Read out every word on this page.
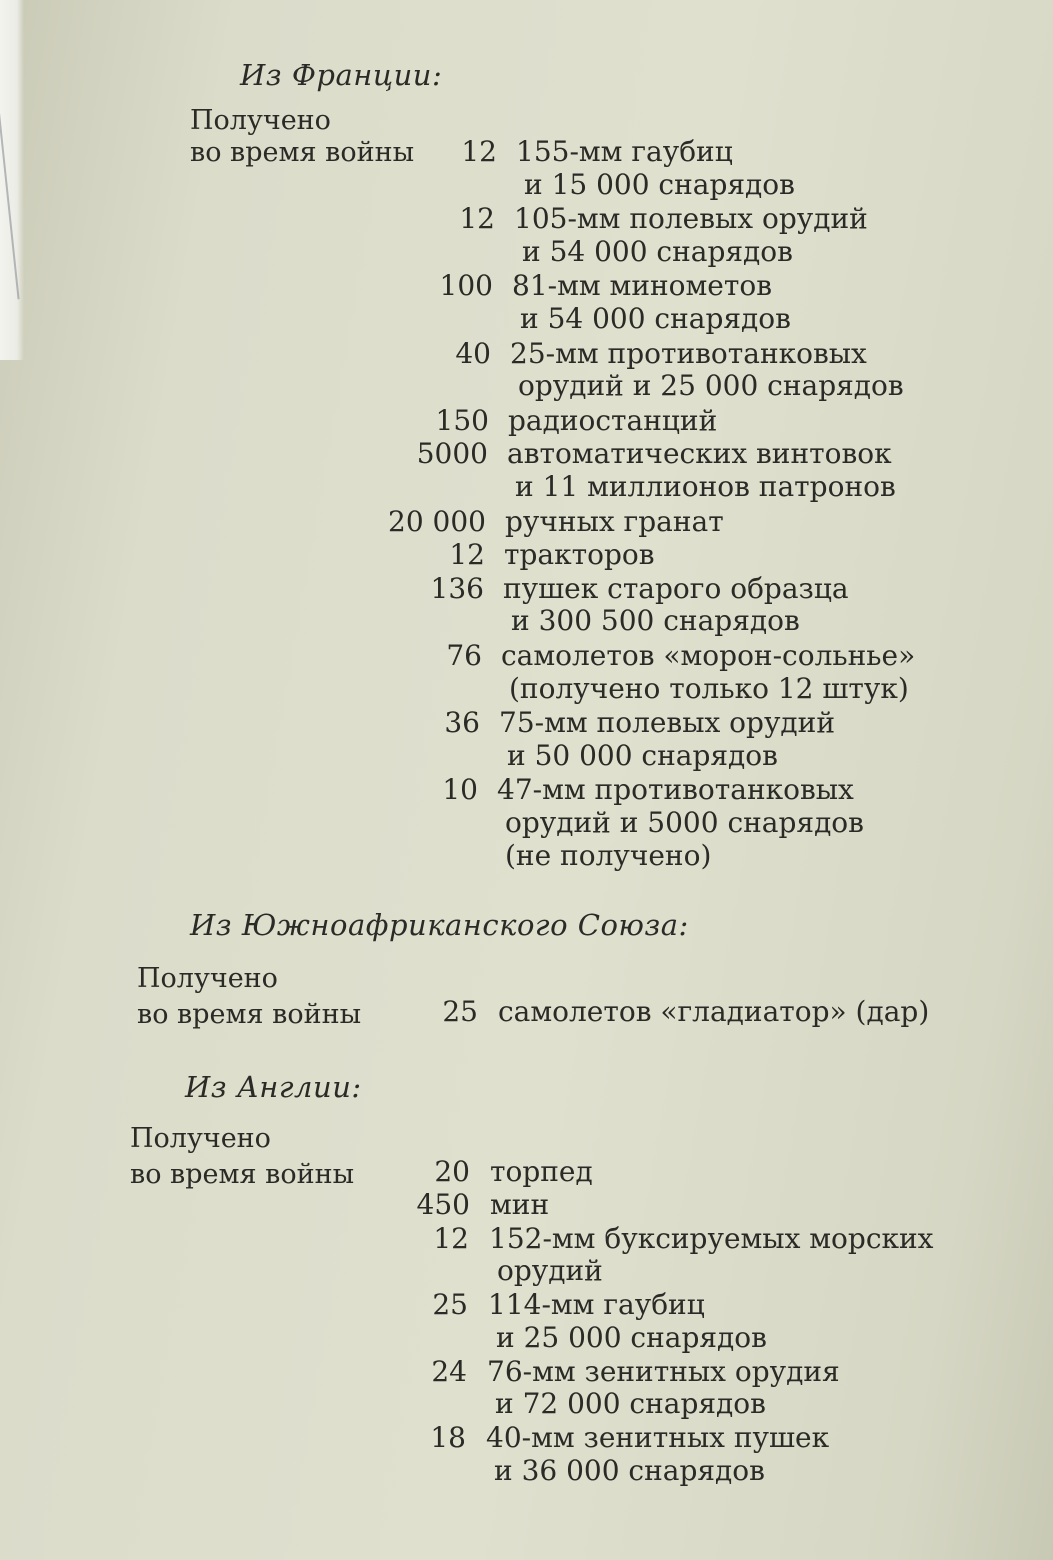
Из Франции:
Получено
во время войны	12 155-мм гаубиц
и 15 000 снарядов
12 105-мм полевых орудий
и 54 000 снарядов
100 81-мм минометов
и 54 000 снарядов
40 25-мм противотанковых
орудий и 25 000 снарядов
150 радиостанций
5000 автоматических винтовок
и 11 миллионов патронов
20 000 ручных гранат
12 тракторов
136 пушек старого образца
и 300 500 снарядов
76 самолетов «морон-сольнье»
(получено только 12 штук)
36 75-мм полевых орудий
и 50 000 снарядов
10 47-мм противотанковых
орудий и 5000 снарядов
(не получено)
Из Южноафриканского Союза:
Получено
во время войны	25 самолетов «гладиатор» (дар)
Из Англии:
Получено
во время войны	20 торпед
450 мин
12 152-мм буксируемых морских
орудий
25 114-мм гаубиц
и 25 000 снарядов
24 76-мм зенитных орудия
и 72 000 снарядов
18 40-мм зенитных пушек
и 36 000 снарядов
